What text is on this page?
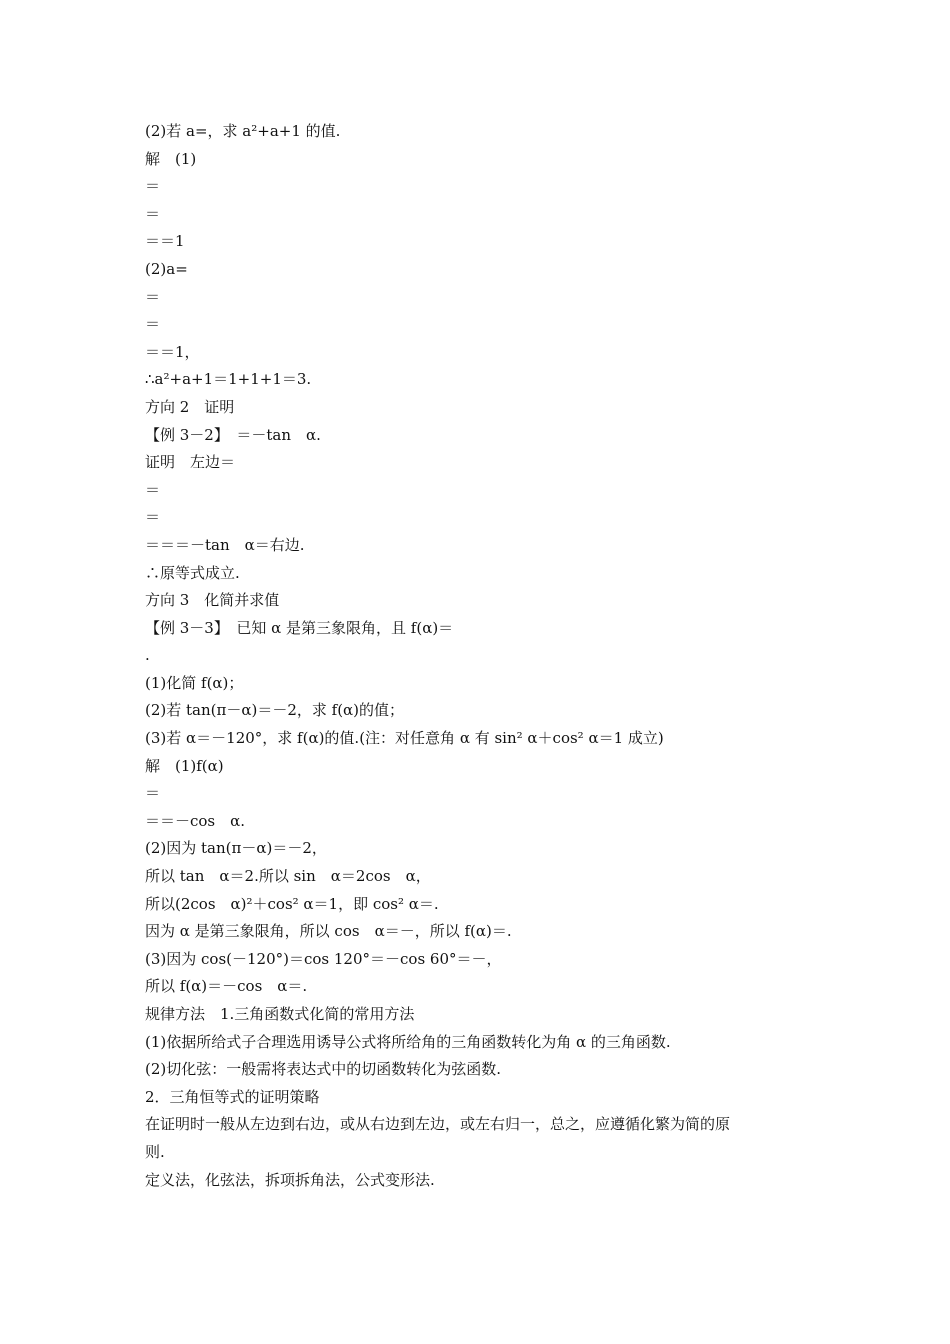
(2)若 a=，求 a²+a+1 的值.
解　(1)
＝
＝
＝＝1
(2)a=
＝
＝
＝＝1，
∴a²+a+1＝1+1+1＝3.
方向 2　证明
【例 3－2】　＝－tan　α.
证明　左边＝
＝
＝
＝＝＝－tan　α＝右边.
∴原等式成立.
方向 3　化简并求值
【例 3－3】　已知 α 是第三象限角，且 f(α)＝
.
(1)化简 f(α)；
(2)若 tan(π－α)＝－2，求 f(α)的值；
(3)若 α＝－120°，求 f(α)的值.(注：对任意角 α 有 sin² α＋cos² α＝1 成立)
解　(1)f(α)
＝
＝＝－cos　α.
(2)因为 tan(π－α)＝－2，
所以 tan　α＝2.所以 sin　α＝2cos　α，
所以(2cos　α)²＋cos² α＝1，即 cos² α＝.
因为 α 是第三象限角，所以 cos　α＝－，所以 f(α)＝.
(3)因为 cos(－120°)＝cos 120°＝－cos 60°＝－，
所以 f(α)＝－cos　α＝.
规律方法　1.三角函数式化简的常用方法
(1)依据所给式子合理选用诱导公式将所给角的三角函数转化为角 α 的三角函数.
(2)切化弦：一般需将表达式中的切函数转化为弦函数.
2．三角恒等式的证明策略
在证明时一般从左边到右边，或从右边到左边，或左右归一，总之，应遵循化繁为简的原
则.
定义法，化弦法，拆项拆角法，公式变形法.
